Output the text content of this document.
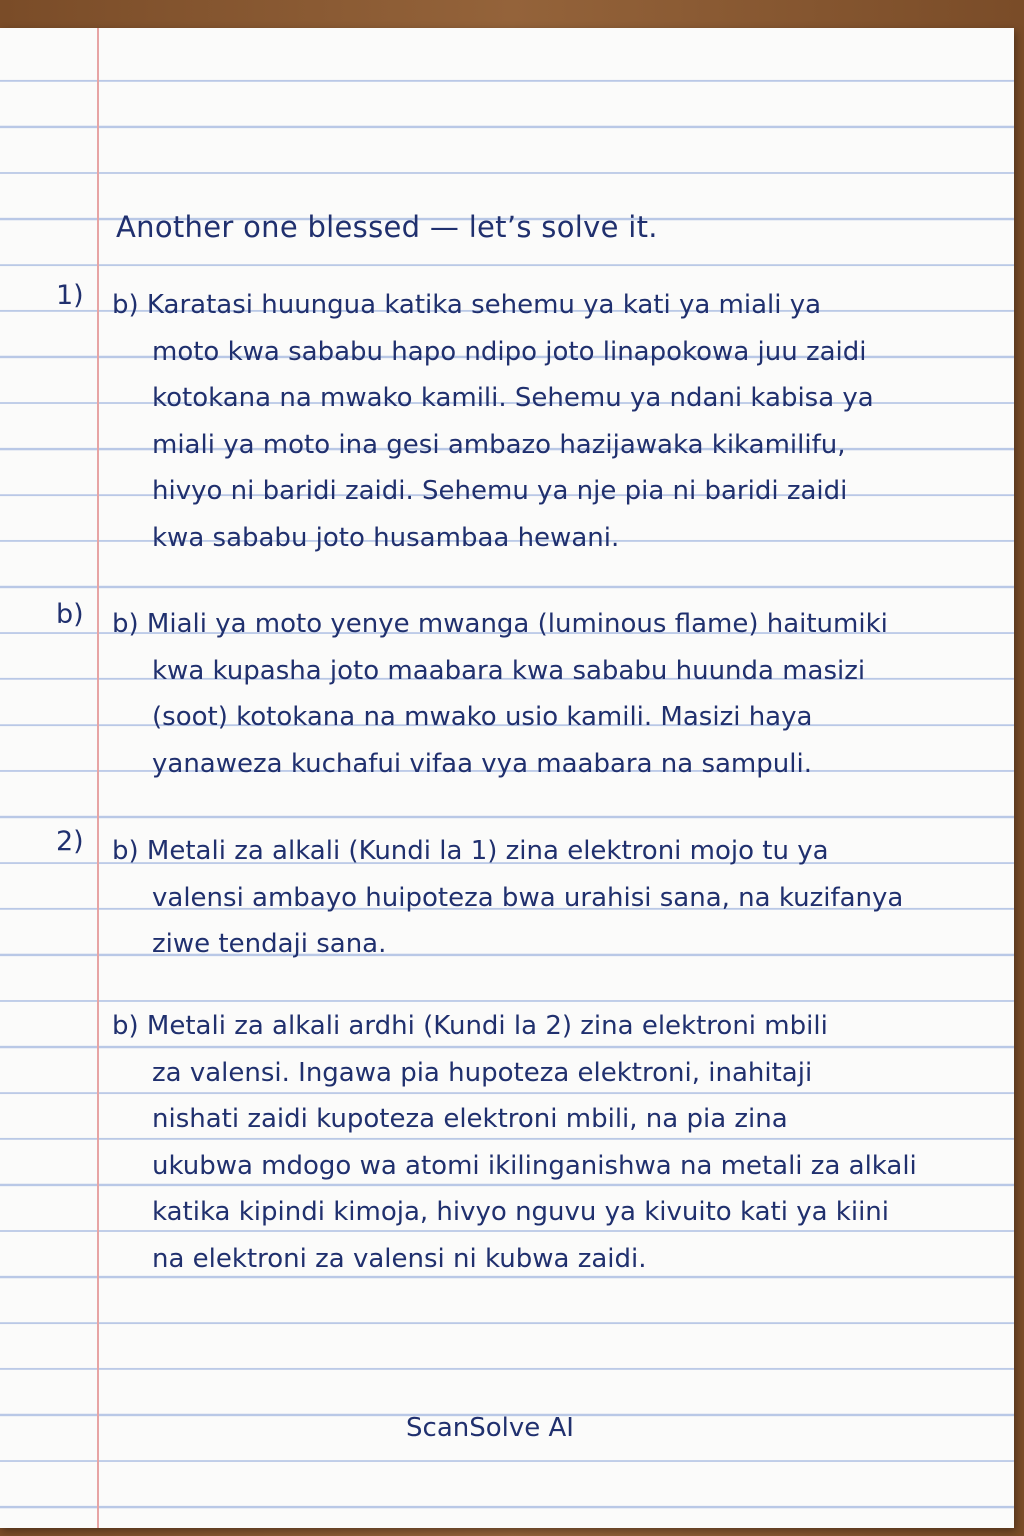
Another one blessed — let’s solve it.
1) b) Karatasi huungua katika sehemu ya kati ya miali ya
moto kwa sababu hapo ndipo joto linapokowa juu zaidi
kotokana na mwako kamili. Sehemu ya ndani kabisa ya
miali ya moto ina gesi ambazo hazijawaka kikamilifu,
hivyo ni baridi zaidi. Sehemu ya nje pia ni baridi zaidi
kwa sababu joto husambaa hewani.
b) b) Miali ya moto yenye mwanga (luminous flame) haitumiki
kwa kupasha joto maabara kwa sababu huunda masizi
(soot) kotokana na mwako usio kamili. Masizi haya
yanaweza kuchafui vifaa vya maabara na sampuli.
2) b) Metali za alkali (Kundi la 1) zina elektroni mojo tu ya
valensi ambayo huipoteza bwa urahisi sana, na kuzifanya
ziwe tendaji sana.
b) Metali za alkali ardhi (Kundi la 2) zina elektroni mbili
za valensi. Ingawa pia hupoteza elektroni, inahitaji
nishati zaidi kupoteza elektroni mbili, na pia zina
ukubwa mdogo wa atomi ikilinganishwa na metali za alkali
katika kipindi kimoja, hivyo nguvu ya kivuito kati ya kiini
na elektroni za valensi ni kubwa zaidi.
ScanSolve AI
